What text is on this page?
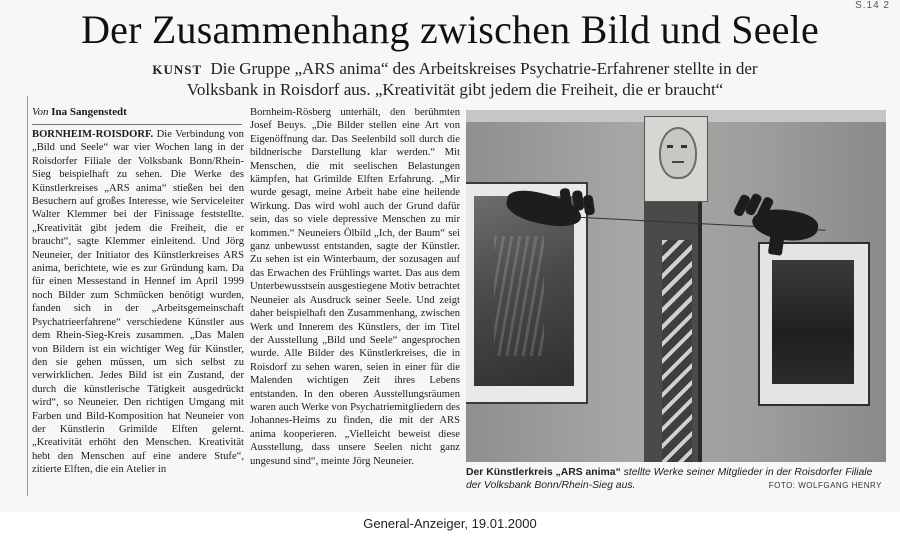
S.14 2
Der Zusammenhang zwischen Bild und Seele
KUNST Die Gruppe „ARS anima“ des Arbeitskreises Psychatrie-Erfahrener stellte in der Volksbank in Roisdorf aus. „Kreativität gibt jedem die Freiheit, die er braucht“
Von Ina Sangenstedt
BORNHEIM-ROISDORF. Die Verbindung von „Bild und Seele“ war vier Wochen lang in der Roisdorfer Filiale der Volksbank Bonn/Rhein-Sieg beispielhaft zu sehen. Die Werke des Künstlerkreises „ARS anima“ stießen bei den Besuchern auf großes Interesse, wie Serviceleiter Walter Klemmer bei der Finissage feststellte. „Kreativität gibt jedem die Freiheit, die er braucht“, sagte Klemmer einleitend. Und Jörg Neuneier, der Initiator des Künstlerkreises ARS anima, berichtete, wie es zur Gründung kam. Da für einen Messestand in Hennef im April 1999 noch Bilder zum Schmücken benötigt wurden, fanden sich in der „Arbeitsgemeinschaft Psychatrieerfahrene“ verschiedene Künstler aus dem Rhein-Sieg-Kreis zusammen. „Das Malen von Bildern ist ein wichtiger Weg für Künstler, den sie gehen müssen, um sich selbst zu verwirklichen. Jedes Bild ist ein Zustand, der durch die künstlerische Tätigkeit ausgedrückt wird“, so Neuneier. Den richtigen Umgang mit Farben und Bild-Komposition hat Neuneier von der Künstlerin Grimilde Elften gelernt. „Kreativität erhöht den Menschen. Kreativität hebt den Menschen auf eine andere Stufe“, zitierte Elften, die ein Atelier in
Bornheim-Rösberg unterhält, den berühmten Josef Beuys. „Die Bilder stellen eine Art von Eigenöffnung dar. Das Seelenbild soll durch die bildnerische Darstellung klar werden.“ Mit Menschen, die mit seelischen Belastungen kämpfen, hat Grimilde Elften Erfahrung. „Mir wurde gesagt, meine Arbeit habe eine heilende Wirkung. Das wird wohl auch der Grund dafür sein, das so viele depressive Menschen zu mir kommen.“ Neuneiers Ölbild „Ich, der Baum“ sei ganz unbewusst entstanden, sagte der Künstler. Zu sehen ist ein Winterbaum, der sozusagen auf das Erwachen des Frühlings wartet. Das aus dem Unterbewusstsein ausgestiegene Motiv betrachtet Neuneier als Ausdruck seiner Seele. Und zeigt daher beispielhaft den Zusammenhang, zwischen Werk und Innerem des Künstlers, der im Titel der Ausstellung „Bild und Seele“ angesprochen wurde. Alle Bilder des Künstlerkreises, die in Roisdorf zu sehen waren, seien in einer für die Malenden wichtigen Zeit ihres Lebens entstanden. In den oberen Ausstellungsräumen waren auch Werke von Psychatriemitgliedern des Johannes-Heims zu finden, die mit der ARS anima kooperieren. „Vielleicht beweist diese Ausstellung, dass unsere Seelen nicht ganz ungesund sind“, meinte Jörg Neuneier.
Der Künstlerkreis „ARS anima“ stellte Werke seiner Mitglieder in der Roisdorfer Filiale der Volksbank Bonn/Rhein-Sieg aus.	FOTO: WOLFGANG HENRY
General-Anzeiger, 19.01.2000
